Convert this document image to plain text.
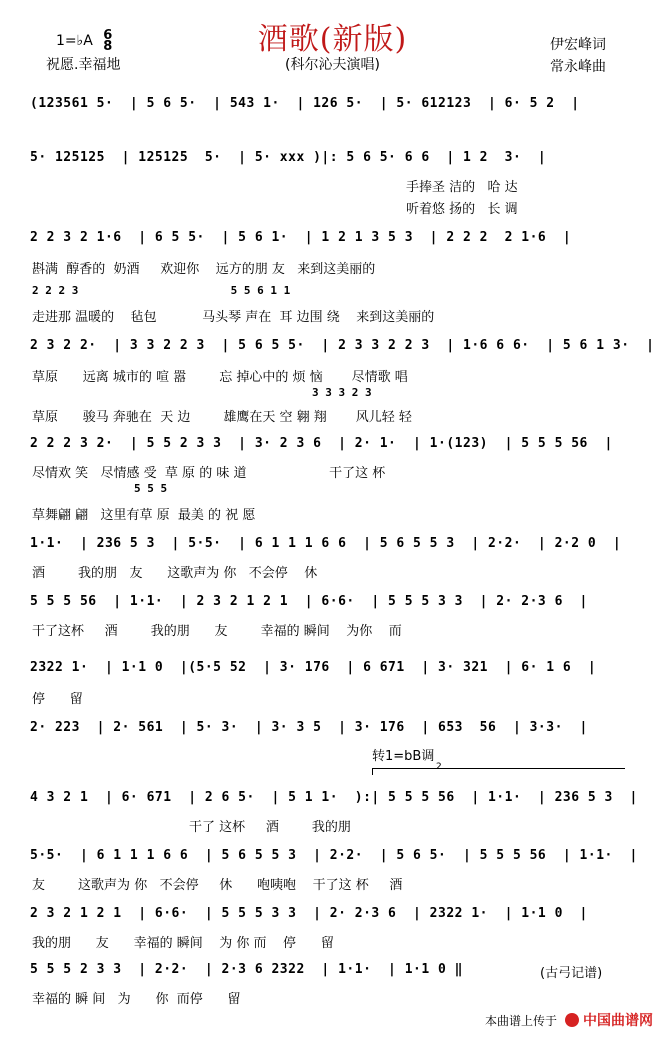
酒歌(新版)
1=♭A 6
8
祝愿.幸福地	(科尔沁夫演唱)
伊宏峰词
常永峰曲
(123561 5·  | 5 6 5·  | 543 1·  | 126 5·  | 5· 612123  | 6· 5 2  |
5· 125125  | 125125  5·  | 5· xxx )|: 5 6 5· 6 6  | 1 2  3·  |
手捧圣 洁的   哈 达
听着悠 扬的   长 调
2 2 3 2 1·6  | 6 5 5·  | 5 6 1·  | 1 2 1 3 5 3  | 2 2 2  2 1·6  |
斟满  醇香的  奶酒     欢迎你    远方的朋 友   来到这美丽的
2 2 2 3                       5 5 6 1 1
走进那 温暖的    毡包           马头琴 声在  耳 边围 绕    来到这美丽的
2 3 2 2·  | 3 3 2 2 3  | 5 6 5 5·  | 2 3 3 2 2 3  | 1·6 6 6·  | 5 6 1 3·  |
草原      远离 城市的 喧 嚣        忘 掉心中的 烦 恼       尽情歌 唱
3 3 3 2 3
草原      骏马 奔驰在  天 边        雄鹰在天 空 翱 翔       风儿轻 轻
2 2 2 3 2·  | 5 5 2 3 3  | 3· 2 3 6  | 2· 1·  | 1·(123)  | 5 5 5 56  |
尽情欢 笑   尽情感 受  草 原 的 味 道                    干了这 杯
5 5 5
草舞翩 翩   这里有草 原  最美 的 祝 愿
1·1·  | 236 5 3  | 5·5·  | 6 1 1 1 6 6  | 5 6 5 5 3  | 2·2·  | 2·2 0  |
酒        我的朋   友      这歌声为 你   不会停    休
5 5 5 56  | 1·1·  | 2 3 2 1 2 1  | 6·6·  | 5 5 5 3 3  | 2· 2·3 6  |
干了这杯     酒        我的朋      友        幸福的 瞬间    为你    而
2322 1·  | 1·1 0  |(5·5 52  | 3· 176  | 6 671  | 3· 321  | 6· 1 6  |
停      留
2· 223  | 2· 561  | 5· 3·  | 3· 3 5  | 3· 176  | 653  56  | 3·3·  |
转1=bB调
2
4 3 2 1  | 6· 671  | 2 6 5·  | 5 1 1·  ):| 5 5 5 56  | 1·1·  | 236 5 3  |
干了 这杯     酒        我的朋
5·5·  | 6 1 1 1 6 6  | 5 6 5 5 3  | 2·2·  | 5 6 5·  | 5 5 5 56  | 1·1·  |
友        这歌声为 你   不会停     休      咆咦咆    干了这 杯     酒
2 3 2 1 2 1  | 6·6·  | 5 5 5 3 3  | 2· 2·3 6  | 2322 1·  | 1·1 0  |
我的朋      友      幸福的 瞬间    为 你 而    停      留
5 5 5 2 3 3  | 2·2·  | 2·3 6 2322  | 1·1·  | 1·1 0 ‖
幸福的 瞬 间   为      你  而停      留
(古弓记谱)
本曲谱上传于 中国曲谱网
